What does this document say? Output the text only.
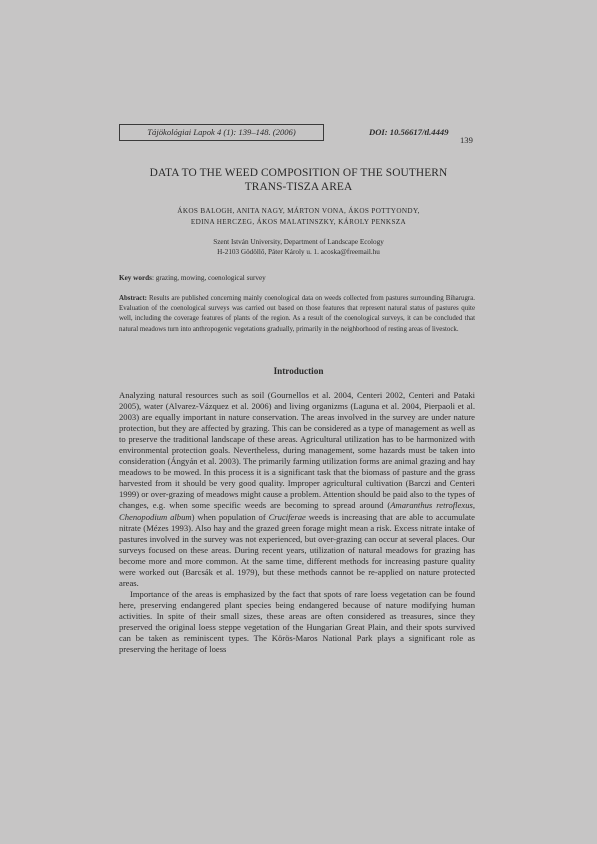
Tájökológiai Lapok 4 (1): 139–148. (2006)	DOI: 10.56617/tl.4449
139
DATA TO THE WEED COMPOSITION OF THE SOUTHERN
TRANS-TISZA AREA
ÁKOS BALOGH, ANITA NAGY, MÁRTON VONA, ÁKOS POTTYONDY,
EDINA HERCZEG, ÁKOS MALATINSZKY, KÁROLY PENKSZA
Szent István University, Department of Landscape Ecology
H-2103 Gödöllő, Páter Károly u. 1. acoska@freemail.hu
Key words: grazing, mowing, coenological survey

Abstract: Results are published concerning mainly coenological data on weeds collected from pastures surrounding Biharugra. Evaluation of the coenological surveys was carried out based on those features that represent natural status of pastures quite well, including the coverage features of plants of the region. As a result of the coenological surveys, it can be concluded that natural meadows turn into anthropogenic vegetations gradually, primarily in the neighborhood of resting areas of livestock.

Introduction

Analyzing natural resources such as soil (Gournellos et al. 2004, Centeri 2002, Centeri and Pataki 2005), water (Alvarez-Vázquez et al. 2006) and living organizms (Laguna et al. 2004, Pierpaoli et al. 2003) are equally important in nature conservation. The areas involved in the survey are under nature protection, but they are affected by grazing. This can be considered as a type of management as well as to preserve the traditional landscape of these areas. Agricultural utilization has to be harmonized with environmental protection goals. Nevertheless, during management, some hazards must be taken into consideration (Ángyán et al. 2003). The primarily farming utilization forms are animal grazing and hay meadows to be mowed. In this process it is a significant task that the biomass of pasture and the grass harvested from it should be very good quality. Improper agricultural cultivation (Barczi and Centeri 1999) or over-grazing of meadows might cause a problem. Attention should be paid also to the types of changes, e.g. when some specific weeds are becoming to spread around (Amaranthus retroflexus, Chenopodium album) when population of Cruciferae weeds is increasing that are able to accumulate nitrate (Mézes 1993). Also hay and the grazed green forage might mean a risk. Excess nitrate intake of pastures involved in the survey was not experienced, but over-grazing can occur at several places. Our surveys focused on these areas. During recent years, utilization of natural meadows for grazing has become more and more common. At the same time, different methods for increasing pasture quality were worked out (Barcsák et al. 1979), but these methods cannot be re-applied on nature protected areas.

Importance of the areas is emphasized by the fact that spots of rare loess vegetation can be found here, preserving endangered plant species being endangered because of nature modifying human activities. In spite of their small sizes, these areas are often considered as treasures, since they preserved the original loess steppe vegetation of the Hungarian Great Plain, and their spots survived can be taken as reminiscent types. The Körös-Maros National Park plays a significant role as preserving the heritage of loess
